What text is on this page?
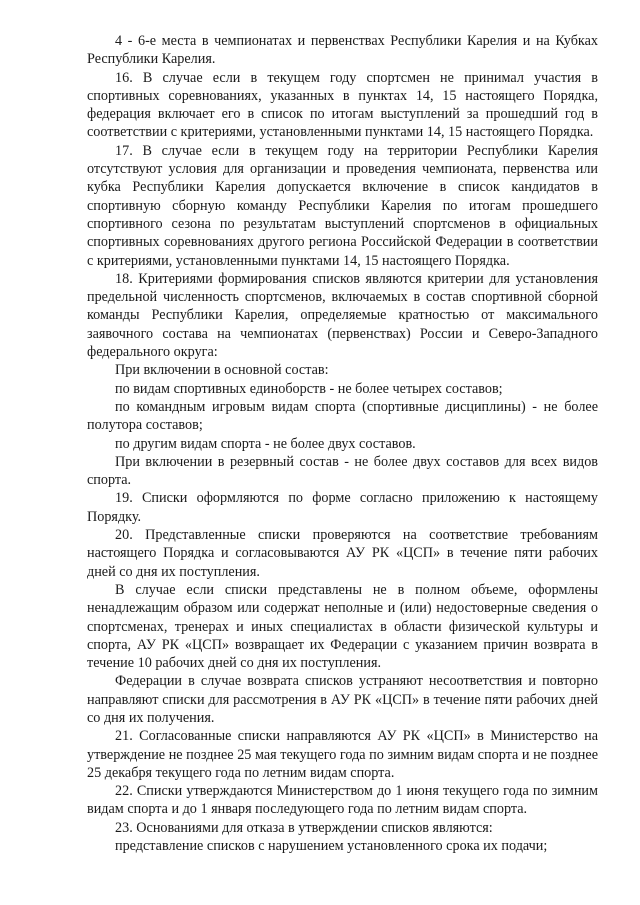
4 - 6-е места в чемпионатах и первенствах Республики Карелия и на Кубках Республики Карелия.

16. В случае если в текущем году спортсмен не принимал участия в спортивных соревнованиях, указанных в пунктах 14, 15 настоящего Порядка, федерация включает его в список по итогам выступлений за прошедший год в соответствии с критериями, установленными пунктами 14, 15 настоящего Порядка.

17. В случае если в текущем году на территории Республики Карелия отсутствуют условия для организации и проведения чемпионата, первенства или кубка Республики Карелия допускается включение в список кандидатов в спортивную сборную команду Республики Карелия по итогам прошедшего спортивного сезона по результатам выступлений спортсменов в официальных спортивных соревнованиях другого региона Российской Федерации в соответствии с критериями, установленными пунктами 14, 15 настоящего Порядка.

18. Критериями формирования списков являются критерии для установления предельной численность спортсменов, включаемых в состав спортивной сборной команды Республики Карелия, определяемые кратностью от максимального заявочного состава на чемпионатах (первенствах) России и Северо-Западного федерального округа:

При включении в основной состав:

по видам спортивных единоборств - не более четырех составов;

по командным игровым видам спорта (спортивные дисциплины) - не более полутора составов;

по другим видам спорта - не более двух составов.

При включении в резервный состав - не более двух составов для всех видов спорта.

19. Списки оформляются по форме согласно приложению к настоящему Порядку.

20. Представленные списки проверяются на соответствие требованиям настоящего Порядка и согласовываются АУ РК «ЦСП» в течение пяти рабочих дней со дня их поступления.

В случае если списки представлены не в полном объеме, оформлены ненадлежащим образом или содержат неполные и (или) недостоверные сведения о спортсменах, тренерах и иных специалистах в области физической культуры и спорта, АУ РК «ЦСП» возвращает их Федерации с указанием причин возврата в течение 10 рабочих дней со дня их поступления.

Федерации в случае возврата списков устраняют несоответствия и повторно направляют списки для рассмотрения в АУ РК «ЦСП» в течение пяти рабочих дней со дня их получения.

21. Согласованные списки направляются АУ РК «ЦСП» в Министерство на утверждение не позднее 25 мая текущего года по зимним видам спорта и не позднее 25 декабря текущего года по летним видам спорта.

22. Списки утверждаются Министерством до 1 июня текущего года по зимним видам спорта и до 1 января последующего года по летним видам спорта.

23. Основаниями для отказа в утверждении списков являются:

представление списков с нарушением установленного срока их подачи;
